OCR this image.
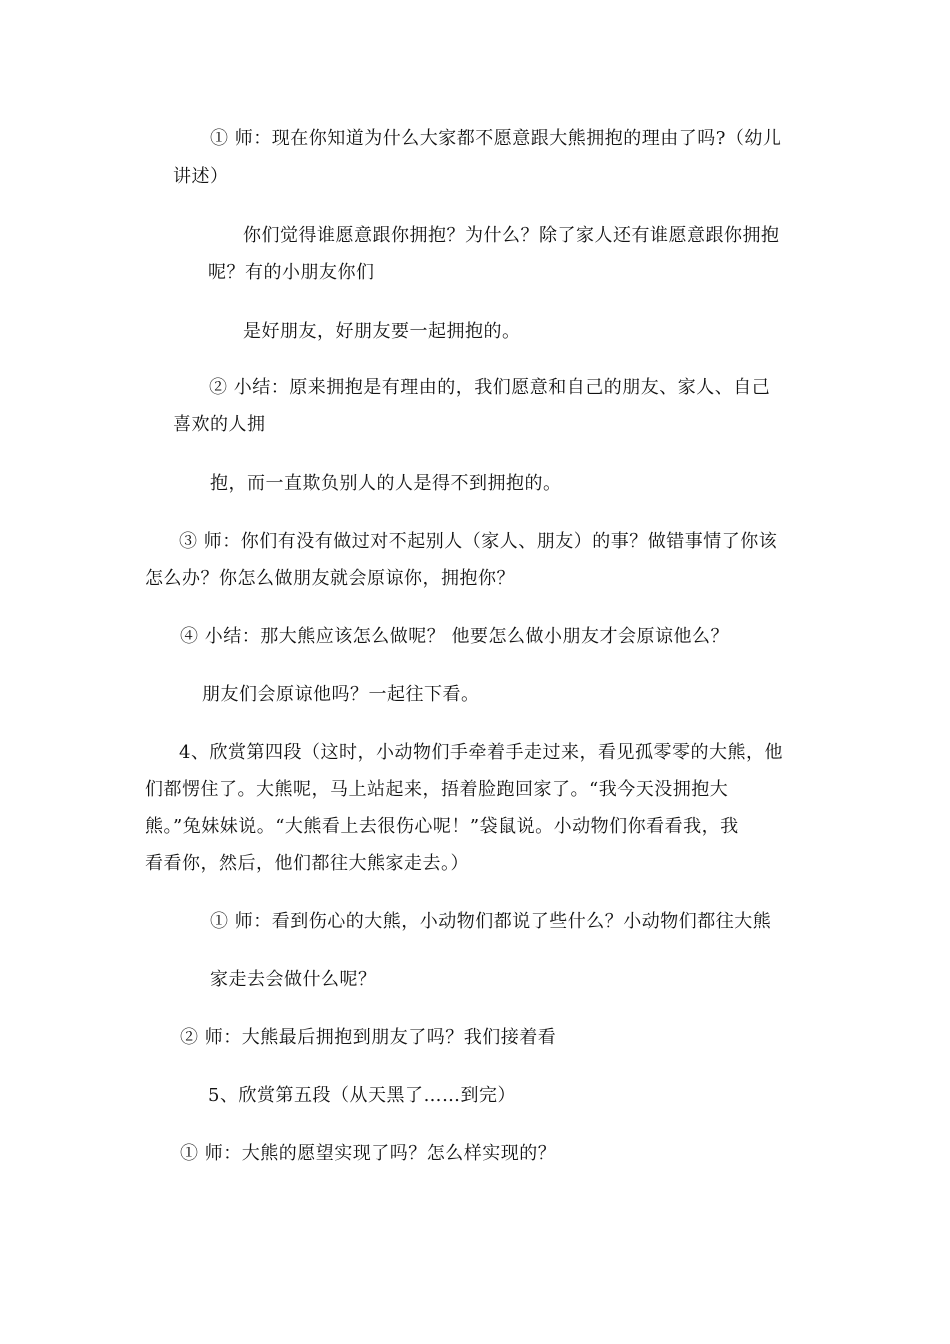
① 师：现在你知道为什么大家都不愿意跟大熊拥抱的理由了吗?（幼儿
讲述）
你们觉得谁愿意跟你拥抱？为什么？除了家人还有谁愿意跟你拥抱
呢？有的小朋友你们
是好朋友，好朋友要一起拥抱的。
② 小结：原来拥抱是有理由的，我们愿意和自己的朋友、家人、自己
喜欢的人拥
抱，而一直欺负别人的人是得不到拥抱的。
③ 师：你们有没有做过对不起别人（家人、朋友）的事？做错事情了你该
怎么办？你怎么做朋友就会原谅你，拥抱你？
④ 小结：那大熊应该怎么做呢？ 他要怎么做小朋友才会原谅他么？
朋友们会原谅他吗？一起往下看。
4、欣赏第四段（这时，小动物们手牵着手走过来，看见孤零零的大熊，他
们都愣住了。大熊呢，马上站起来，捂着脸跑回家了。“我今天没拥抱大
熊。”兔妹妹说。“大熊看上去很伤心呢！”袋鼠说。小动物们你看看我，我
看看你，然后，他们都往大熊家走去。）
① 师：看到伤心的大熊，小动物们都说了些什么？小动物们都往大熊
家走去会做什么呢？
② 师：大熊最后拥抱到朋友了吗？我们接着看
5、欣赏第五段（从天黑了……到完）
① 师：大熊的愿望实现了吗？怎么样实现的？
